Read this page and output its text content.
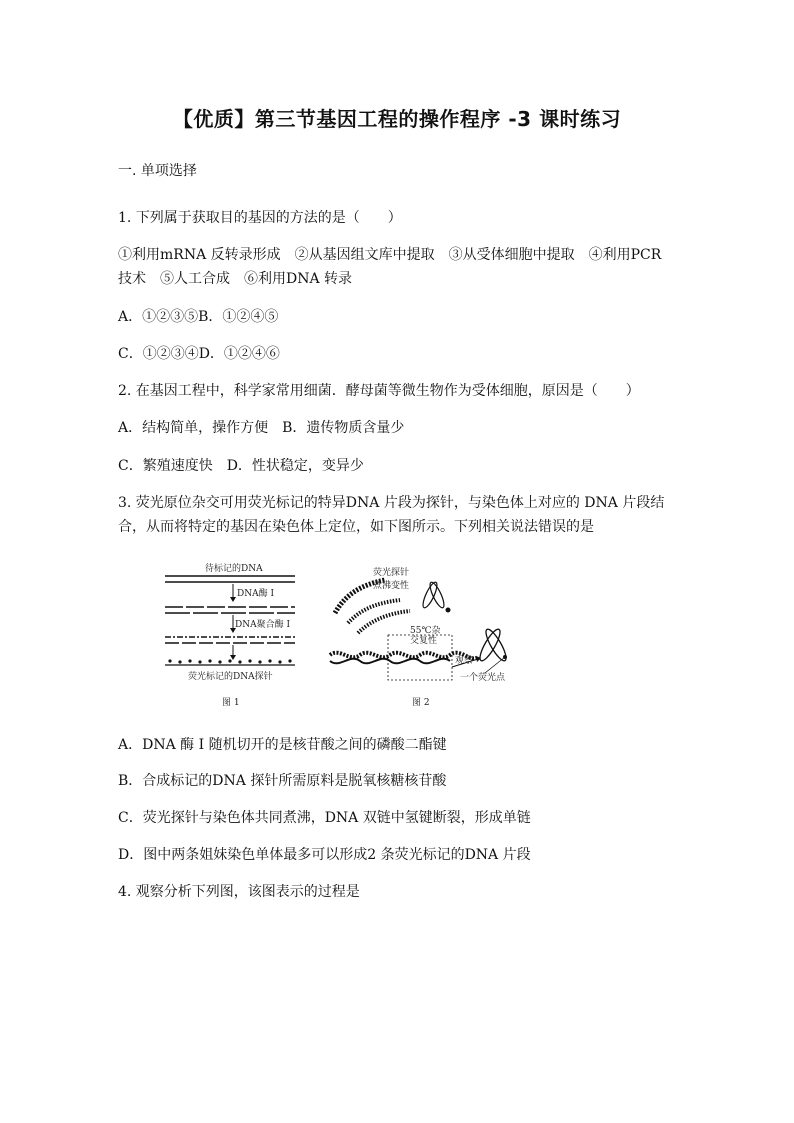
【优质】第三节基因工程的操作程序 -3 课时练习
一. 单项选择
1. 下列属于获取目的基因的方法的是（　　）
①利用mRNA 反转录形成　②从基因组文库中提取　③从受体细胞中提取　④利用PCR
技术　⑤人工合成　⑥利用DNA 转录
A．①②③⑤B．①②④⑤
C．①②③④D．①②④⑥
2. 在基因工程中，科学家常用细菌．酵母菌等微生物作为受体细胞，原因是（　　）
A．结构简单，操作方便　B．遗传物质含量少
C．繁殖速度快　D．性状稳定，变异少
3. 荧光原位杂交可用荧光标记的特异DNA 片段为探针，与染色体上对应的 DNA 片段结
合，从而将特定的基因在染色体上定位，如下图所示。下列相关说法错误的是
待标记的DNA
DNA酶 I
DNA聚合酶 I
荧光标记的DNA探针
图 1
荧光探针
煮沸变性
55℃杂
交复性
观察
一个荧光点
图 2
A．DNA 酶 I 随机切开的是核苷酸之间的磷酸二酯键
B．合成标记的DNA 探针所需原料是脱氧核糖核苷酸
C．荧光探针与染色体共同煮沸，DNA 双链中氢键断裂，形成单链
D．图中两条姐妹染色单体最多可以形成2 条荧光标记的DNA 片段
4. 观察分析下列图，该图表示的过程是
